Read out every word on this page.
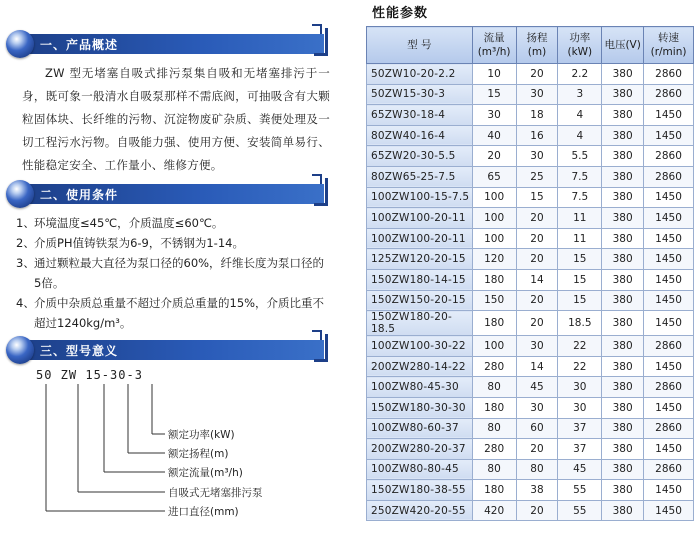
一、产品概述

ZW 型无堵塞自吸式排污泵集自吸和无堵塞排污于一身，既可象一般清水自吸泵那样不需底阀，可抽吸含有大颗粒固体块、长纤维的污物、沉淀物废矿杂质、粪便处理及一切工程污水污物。自吸能力强、使用方便、安装简单易行、性能稳定安全、工作量小、维修方便。

二、使用条件
1、 环境温度≤45℃，介质温度≤60℃。
2、 介质PH值铸铁泵为6-9，不锈钢为1-14。
3、 通过颗粒最大直径为泵口径的60%，纤维长度为泵口径的5倍。
4、 介质中杂质总重量不超过介质总重量的15%，介质比重不超过1240kg/m³。
三、型号意义
50 ZW 15-30-3
额定功率(kW)
额定扬程(m)
额定流量(m³/h)
自吸式无堵塞排污泵
进口直径(mm)
性能参数
型 号	流量(m³/h)	扬程(m)	功率(kW)	电压(V)	转速(r/min)
50ZW10-20-2.2	10	20	2.2	380	2860
50ZW15-30-3	15	30	3	380	2860
65ZW30-18-4	30	18	4	380	1450
80ZW40-16-4	40	16	4	380	1450
65ZW20-30-5.5	20	30	5.5	380	2860
80ZW65-25-7.5	65	25	7.5	380	2860
100ZW100-15-7.5	100	15	7.5	380	1450
100ZW100-20-11	100	20	11	380	1450
100ZW100-20-11	100	20	11	380	1450
125ZW120-20-15	120	20	15	380	1450
150ZW180-14-15	180	14	15	380	1450
150ZW150-20-15	150	20	15	380	1450
150ZW180-20-18.5	180	20	18.5	380	1450
100ZW100-30-22	100	30	22	380	2860
200ZW280-14-22	280	14	22	380	1450
100ZW80-45-30	80	45	30	380	2860
150ZW180-30-30	180	30	30	380	1450
100ZW80-60-37	80	60	37	380	2860
200ZW280-20-37	280	20	37	380	1450
100ZW80-80-45	80	80	45	380	2860
150ZW180-38-55	180	38	55	380	1450
250ZW420-20-55	420	20	55	380	1450
